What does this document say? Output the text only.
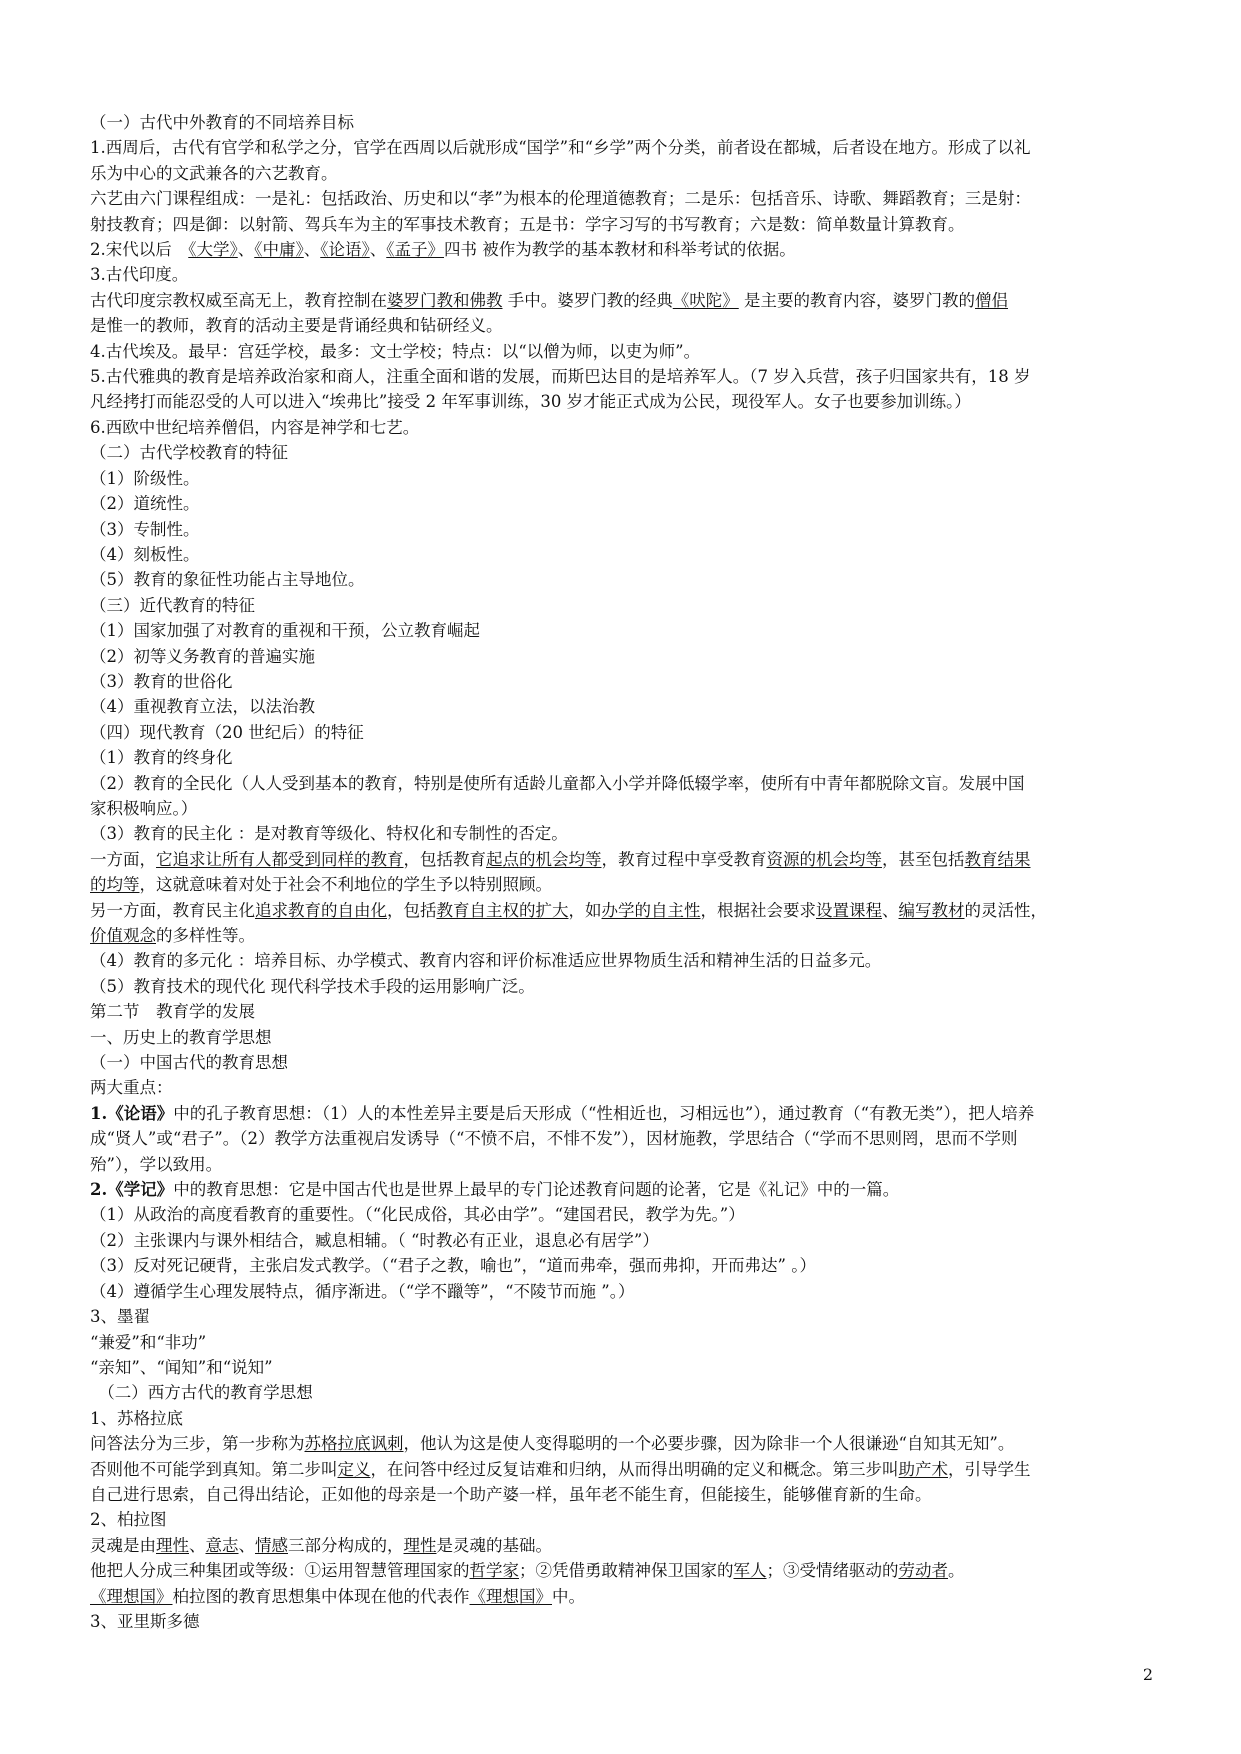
（一）古代中外教育的不同培养目标
1.西周后，古代有官学和私学之分，官学在西周以后就形成“国学”和“乡学”两个分类，前者设在都城，后者设在地方。形成了以礼
乐为中心的文武兼各的六艺教育。
六艺由六门课程组成：一是礼：包括政治、历史和以“孝”为根本的伦理道德教育；二是乐：包括音乐、诗歌、舞蹈教育；三是射：
射技教育；四是御：以射箭、驾兵车为主的军事技术教育；五是书：学字习写的书写教育；六是数：简单数量计算教育。
2.宋代以后　《大学》、《中庸》、《论语》、《孟子》四书 被作为教学的基本教材和科举考试的依据。
3.古代印度。
古代印度宗教权威至高无上，教育控制在婆罗门教和佛教 手中。婆罗门教的经典《吠陀》 是主要的教育内容，婆罗门教的僧侣
是惟一的教师，教育的活动主要是背诵经典和钻研经义。
4.古代埃及。最早：宫廷学校，最多：文士学校；特点：以“以僧为师，以吏为师”。
5.古代雅典的教育是培养政治家和商人，注重全面和谐的发展，而斯巴达目的是培养军人。（7 岁入兵营，孩子归国家共有，18 岁
凡经拷打而能忍受的人可以进入“埃弗比”接受 2 年军事训练，30 岁才能正式成为公民，现役军人。女子也要参加训练。）
6.西欧中世纪培养僧侣，内容是神学和七艺。
（二）古代学校教育的特征
（1）阶级性。
（2）道统性。
（3）专制性。
（4）刻板性。
（5）教育的象征性功能占主导地位。
（三）近代教育的特征
（1）国家加强了对教育的重视和干预，公立教育崛起
（2）初等义务教育的普遍实施
（3）教育的世俗化
（4）重视教育立法，以法治教
（四）现代教育（20 世纪后）的特征
（1）教育的终身化
（2）教育的全民化（人人受到基本的教育，特别是使所有适龄儿童都入小学并降低辍学率，使所有中青年都脱除文盲。发展中国
家积极响应。）
（3）教育的民主化 ：是对教育等级化、特权化和专制性的否定。
一方面，它追求让所有人都受到同样的教育，包括教育起点的机会均等，教育过程中享受教育资源的机会均等，甚至包括教育结果
的均等，这就意味着对处于社会不利地位的学生予以特别照顾。
另一方面，教育民主化追求教育的自由化，包括教育自主权的扩大，如办学的自主性，根据社会要求设置课程、编写教材的灵活性，
价值观念的多样性等。
（4）教育的多元化 ：培养目标、办学模式、教育内容和评价标准适应世界物质生活和精神生活的日益多元。
（5）教育技术的现代化 现代科学技术手段的运用影响广泛。
第二节　教育学的发展
一、历史上的教育学思想
（一）中国古代的教育思想
两大重点：
1.《论语》中的孔子教育思想：（1）人的本性差异主要是后天形成（“性相近也，习相远也”），通过教育（“有教无类”），把人培养
成“贤人”或“君子”。（2）教学方法重视启发诱导（“不愤不启，不悱不发”），因材施教，学思结合（“学而不思则罔，思而不学则
殆”），学以致用。
2.《学记》中的教育思想：它是中国古代也是世界上最早的专门论述教育问题的论著，它是《礼记》中的一篇。
（1）从政治的高度看教育的重要性。（“化民成俗，其必由学”。“建国君民，教学为先。”）
（2）主张课内与课外相结合，臧息相辅。（ “时教必有正业，退息必有居学”）
（3）反对死记硬背，主张启发式教学。（“君子之教，喻也”，“道而弗牵，强而弗抑，开而弗达” 。）
（4）遵循学生心理发展特点，循序渐进。（“学不躐等”，“不陵节而施 ”。）
3、墨翟
“兼爱”和“非功”
“亲知”、“闻知”和“说知”
　（二）西方古代的教育学思想
1、苏格拉底
问答法分为三步，第一步称为苏格拉底讽刺，他认为这是使人变得聪明的一个必要步骤，因为除非一个人很谦逊“自知其无知”。
否则他不可能学到真知。第二步叫定义，在问答中经过反复诘难和归纳，从而得出明确的定义和概念。第三步叫助产术，引导学生
自己进行思索，自己得出结论，正如他的母亲是一个助产婆一样，虽年老不能生育，但能接生，能够催育新的生命。
2、柏拉图
灵魂是由理性、意志、情感三部分构成的，理性是灵魂的基础。
他把人分成三种集团或等级：①运用智慧管理国家的哲学家；②凭借勇敢精神保卫国家的军人；③受情绪驱动的劳动者。
《理想国》柏拉图的教育思想集中体现在他的代表作《理想国》中。
3、亚里斯多德
2
